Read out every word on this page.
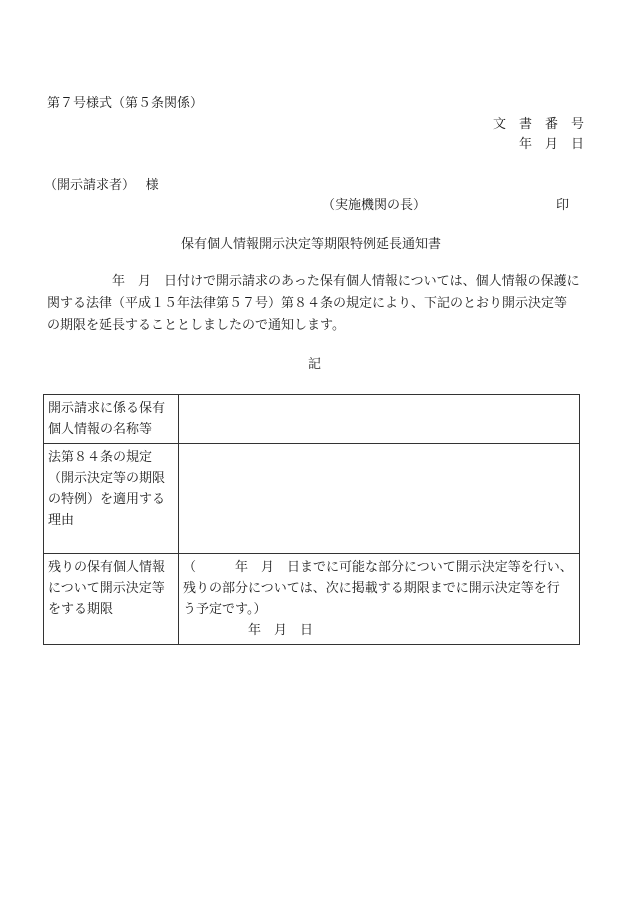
第７号様式（第５条関係）
文　書　番　号
年　月　日
（開示請求者）　 様
（実施機関の長）	印
保有個人情報開示決定等期限特例延長通知書
　　　　　年　月　日付けで開示請求のあった保有個人情報については、個人情報の保護に
関する法律（平成１５年法律第５７号）第８４条の規定により、下記のとおり開示決定等
の期限を延長することとしましたので通知します。
記
開示請求に係る保有
個人情報の名称等	

法第８４条の規定
（開示決定等の期限
の特例）を適用する
理由	

残りの保有個人情報
について開示決定等
をする期限	（　　　年　月　日までに可能な部分について開示決定等を行い、
残りの部分については、次に掲載する期限までに開示決定等を行
う予定です。）
　　　　　年　月　日
